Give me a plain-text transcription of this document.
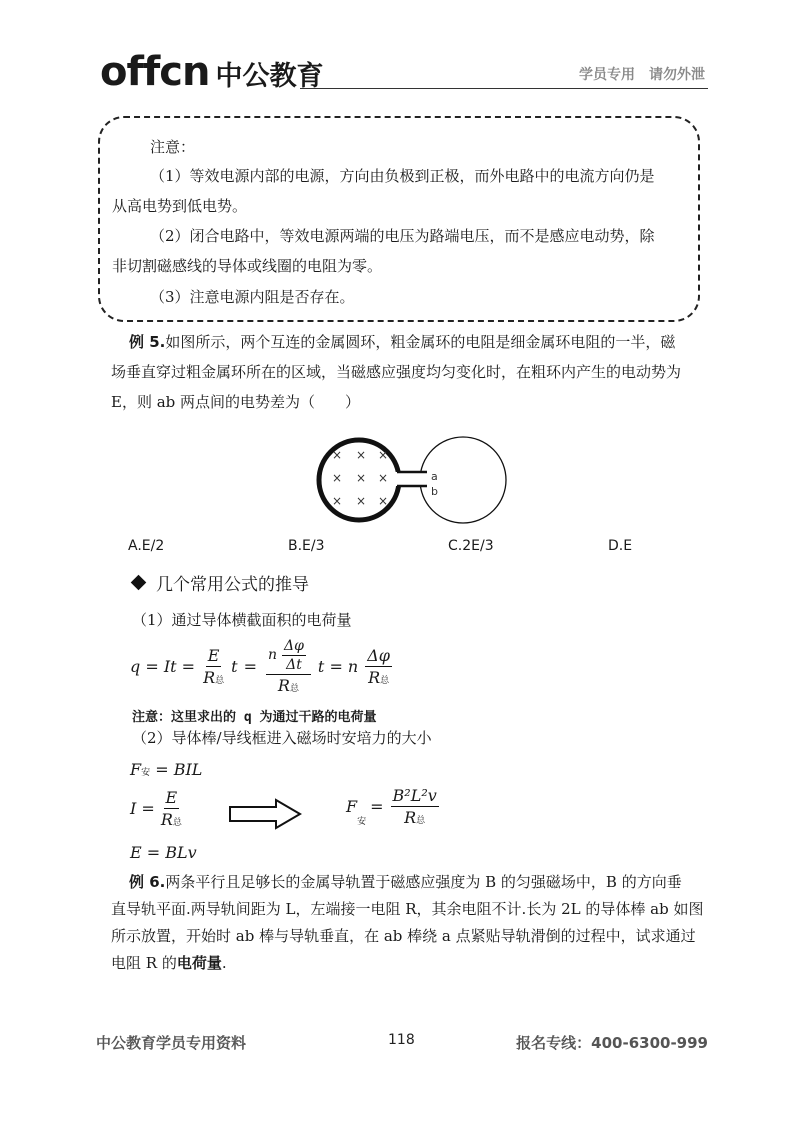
offcn 中公教育	学员专用　请勿外泄
注意：
（1）等效电源内部的电源，方向由负极到正极，而外电路中的电流方向仍是
从高电势到低电势。
（2）闭合电路中，等效电源两端的电压为路端电压，而不是感应电动势，除
非切割磁感线的导体或线圈的电阻为零。
（3）注意电源内阻是否存在。
例 5.如图所示，两个互连的金属圆环，粗金属环的电阻是细金属环电阻的一半，磁
场垂直穿过粗金属环所在的区域，当磁感应强度均匀变化时，在粗环内产生的电动势为
E，则 ab 两点间的电势差为（　　）
× × ×
× × ×
× × ×
a
b
A.E/2	B.E/3	C.2E/3	D.E
几个常用公式的推导
（1）通过导体横截面积的电荷量
$q = It = \frac{E}{\text{R总}}$ $t = \frac{n \frac{\Delta\varphi}{\Delta t}}{\text{R总}}$ t = n $\frac{\Delta\varphi}{\text{R总}}$
注意：这里求出的 q 为通过干路的电荷量
（2）导体棒/导线框进入磁场时安培力的大小
F安 = BIL
$I = \frac{E}{\text{R总}}$
E = BLv
F
安
= $\frac{\text{B²L²v}}{\text{R总}}$
例 6.两条平行且足够长的金属导轨置于磁感应强度为 B 的匀强磁场中，B 的方向垂
直导轨平面.两导轨间距为 L，左端接一电阻 R，其余电阻不计.长为 2L 的导体棒 ab 如图
所示放置，开始时 ab 棒与导轨垂直，在 ab 棒绕 a 点紧贴导轨滑倒的过程中，试求通过
电阻 R 的电荷量.
中公教育学员专用资料	118	报名专线：400-6300-999
